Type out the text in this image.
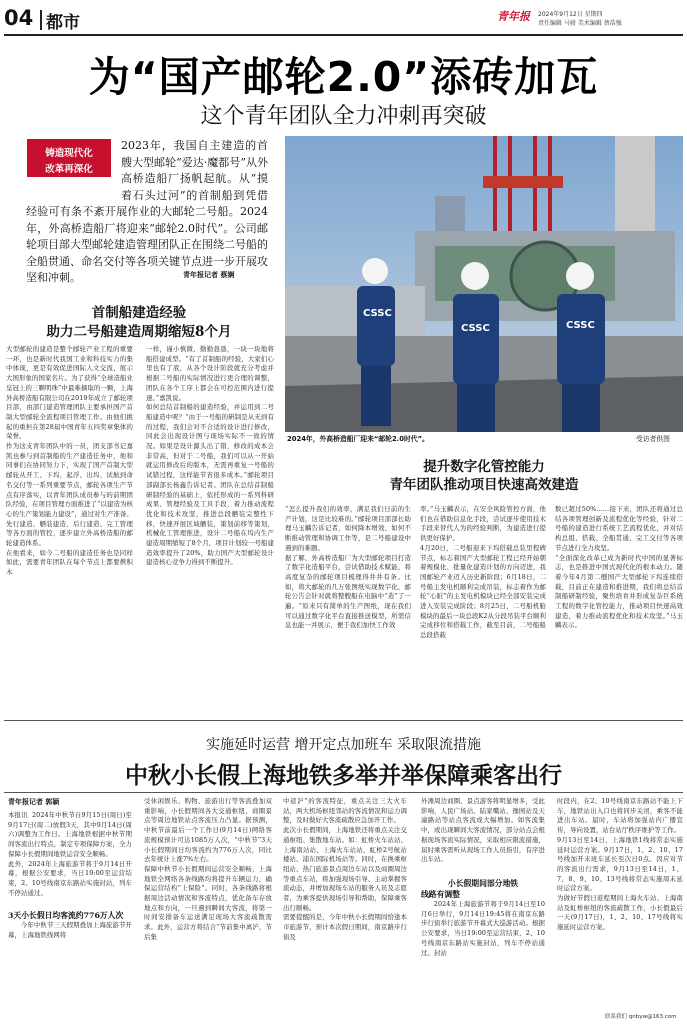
04 都市	青年报 2024年9月12日 星期四
责任编辑 马骏 美术编辑 蔡浩强
为“国产邮轮2.0”添砖加瓦
这个青年团队全力冲刺再突破
铸造现代化
改革再深化
2023年，我国自主建造的首艘大型邮轮“爱达·魔都号”从外高桥造船厂扬帆起航。从“摸着石头过河”的首制船到凭借经验可有条不紊开展作业的大邮轮二号船。2024年，外高桥造船厂将迎来“邮轮2.0时代”。公司邮轮项目部大型邮轮建造管理团队正在围绕二号船的全船贯通、命名交付等各项关键节点进一步开展攻坚和冲刺。	青年报记者 蔡娴
CSSC
CSSC	CSSC
2024年，外高桥造船厂迎来“邮轮2.0时代”。	受访者供图
首制船建造经验
助力二号船建造周期缩短8个月
提升数字化管控能力
青年团队推动项目快速高效建造
大型邮轮的建造是整个邮轮产业工程的重要一环，也是新时代我国工业和科技实力的集中体现，更是有效促进国际人文交流、展示大国形象的国家名片。为了获得“全球造船业皇冠上的三颗明珠”中最难摘取的一颗，上海外高桥造船有限公司在2019年成立了邮轮项目部，由部门建造管理团队主要承担国产首制大型邮轮全流程项目管理工作。由他们挑起的重担在第28届中国青年五四奖章集体的荣誉。
作为这支青年团队中的一员，团支部书记嘉凯也参与到首制船的生产建造任务中，他和同事们在协同努力下，实现了国产首制大型邮轮从开工、下坞、起浮、出坞、试航到命名交付等一系列重要节点，邮轮各项生产节点有序落实，以青年团队成员参与的前期团队经验，在项目管理方面推进了“以建造为核心的生产策划能力建设”，通过对生产准备、先行建造、舾装建造、后行建造、完工管理等各方面的管控，逐步建立外高桥造船的邮轮建造体系。
在他看来，如今二号船的建造任务也是同样如此，需要青年团队在每个节点上都要携积木
一样，谨小慎微、勤勤恳恳，一块一块地将船搭建成型。“有了首制船的经验，大家们心里也有了底，从各个设计阶段就充分考虑并根据二号船的实际情况进行更合理的调整，团队在各个工序上都会在可控范围内进行提速。”嘉凯说。
如何总结首制船的建造经验，并运用到二号船建造中呢？“由于一号船的研制是从无到有的过程，我们会对不合适的设计进行修改，同此会出现设计图与现场实际不一致的情况。如果是设计源头出了错，修改的成本会非常高，但对于二号船，我们可以从一开始就运用修改后的版本，无需再重复一号船的试错过程，这样能节省很多成本。”邮轮项目部副部长杨鑫告诉记者。团队在总结首制船研制经验的基础上，依托形成的一系列科研成果、管理经验及工具手段，着力推动流程优化和技术攻坚，推进总段舾装完整性下移，快速开展区域舾装，策划前移等策划，机械化工管理推进，设计二号船在坞内生产建造周期缩短了8个月，项目计划较一号船建造效率提升了20%，助力国产大型邮轮设计建造核心竞争力得到不断提升。
“怎么提升我们的效率，满足我们日前的生产计划，这是比较难的。”邮轮项目部部长助理马玉麟告诉记者，如何降本增效、如何不断推动管理和协调工作等，是二号船建设中遇到的难题。
据了解，外高桥造船厂为大型邮轮项目打造了数字化造船平台，尝试借助技术赋能，将高度复杂的邮轮项目梳理得井井有条。比如，将大邮轮的几万张图纸实现数字化，邮轮公告会针对就将整艘船在电脑中“造”了一遍。“原来只有简单的生产图纸，现在我们可以通过数字化平台直接推送模型，所需信息也能一并展示，便于我们加快工作效
率。”马玉麟表示，在安全风险管控方面，他们也在借助信息化手段，尝试逐步使用技术手段来替代人为的经验判断，为建造进行提供更好保护。
4月20日，二号船迎来下坞搭载总装里程碑节点，标志着国产大型邮轮工程已经开始朝着规模化、批量化建造计划的方向迈进，我国邮轮产业迈入历史新阶段；6月18日，二号船主发电机顺利完成吊装，标志着作为邮轮“心脏”的主发电机模块已经全部安装完成进入安装完成阶段；8月25日，二号船机舱模块的最后一块总段K2从分段吊装平台顺利完成移位和搭载工作，截至目前，二号船船总段搭载
数已超过50%……接下来，团队还将通过总结各项管理创新及流程优化等经验，针对二号船的建造进行系统工艺流程优化，并对结构总组、搭载、全船贯通、完工交付等各项节点进行全力攻坚。
“全面深化改革已成为新时代中国的显著标志，也是推进中国式现代化的根本动力。随着今年4月第二艘国产大型邮轮下坞连续搭载，目前正在建造和推进期，我们将总结首制船研制经验，聚焦培育并形成复杂巨系统工程的数字化管控能力，推动项目快速高效建造，着力推动流程优化和技术攻坚。”马玉麟表示。
实施延时运营 增开定点加班车 采取限流措施
中秋小长假上海地铁多举并举保障乘客出行
青年报记者 郭颖
本报讯  2024年中秋节自9月15日(周日)至9月17日(周二)放假3天，其中9月14日(周六)调整为工作日。上海地铁根据中秋节期间客流出行特点，制定专项保障方案，全力保障小长假期间地铁运营安全顺畅。
此外，2024年上海旅游节将于9月14日开幕，根据公安要求，当日19:00至运营结束，2、10号线南京东路站实施封站，列车不停站通过。
3天小长假日均客流约776万人次
今年中秋节三天假期叠加上海旅游节开幕，上海地铁线网将
受休闲娱乐、购物、旅游出行等客流叠加双重影响，小长假期间各大交通枢纽、商圈景点等周边地铁站点客流压力凸显。据预测，中秋节前最后一个工作日(9月14日)网络客流规模预计可达1085万人次，“中秋节”3天小长假期间日均客流约为776万人次，同比去年统计上涨7%左右。
保障中秋节小长假期间运营安全顺畅，上海地铁全网络各条线路均将提升车辆运力，确保运营结构“上保险”。同时，各条线路将根据周边活动情况和客流特点，优化备车存放地点和方向，一旦遇到瞬间大客流，将第一时间安排备车运送满足现场大客流疏散需求。此外，运营方将结合“节前集中离沪、节后集
中返沪”的客流特征，重点关注三大火车站，两大机场枢纽邻站的客流情况和运力调整，及时做好大客流疏散应急加开工作。
此次小长假期间，上海地铁还将重点关注交通枢纽、集散地车站。如：虹桥火车站站、上海南站站、上海火车站站、虹桥2号航站楼站、浦东国际机场站等。同时，在换乘枢纽站、热门旅游景点周边车站以及商圈周边等重点车站，将加强现场引导、主动掌握客流动态，并增加现场车站的服务人员及志愿者，为乘客提供现场引导和帮助，保障乘客出行顺畅。
需要提醒的是，今年中秋小长假期间恰逢本市旅游节，预计本次假日期间，南京路步行街及
外滩周边商圈、景点游客将明显增多，受此影响，人民广场站、陆家嘴站、豫园站及天潼路站等站点客流或大幅增加。如客流集中，或出现瞬间大客流情况，部分站点会根据现场客流实际情况，采取相应限流措施，届时乘客需听从现场工作人员指引，有序进出车站。
小长假期间部分地铁
线路有调整
2024年上海旅游节将于9月14日至10月6日举行，9月14日19:45将在南京东路步行街举行旅游节开幕式大巡游活动。根据公安要求，当日19:00至运营结束，2、10号线南京东路站实施封站，列车不停站通过。封站
时段内，在2、10号线南京东路站不能上下车，地铁站出入口也将同步关闭，乘客不能进出车站。届时，车站将加强站内广播宣传，导向设置，站台站厅秩序维护等工作。
9月13日至14日，上海地铁1线将常态实施延时运营方案。9月17日，1、2、10、17号线加开末班车延长至次日0点。因应对节的客流出行需求，9月13日至14日，1、7、8、9、10、13号线将常态实施周末延时运营方案。
为做好节假日返程期间上海火车站、上海南站及虹桥枢纽的客流疏散工作，小长假最后一天(9月17日)，1、2、10、17号线将实施延时运营方案。
联系我们 qnbyw@163.com
